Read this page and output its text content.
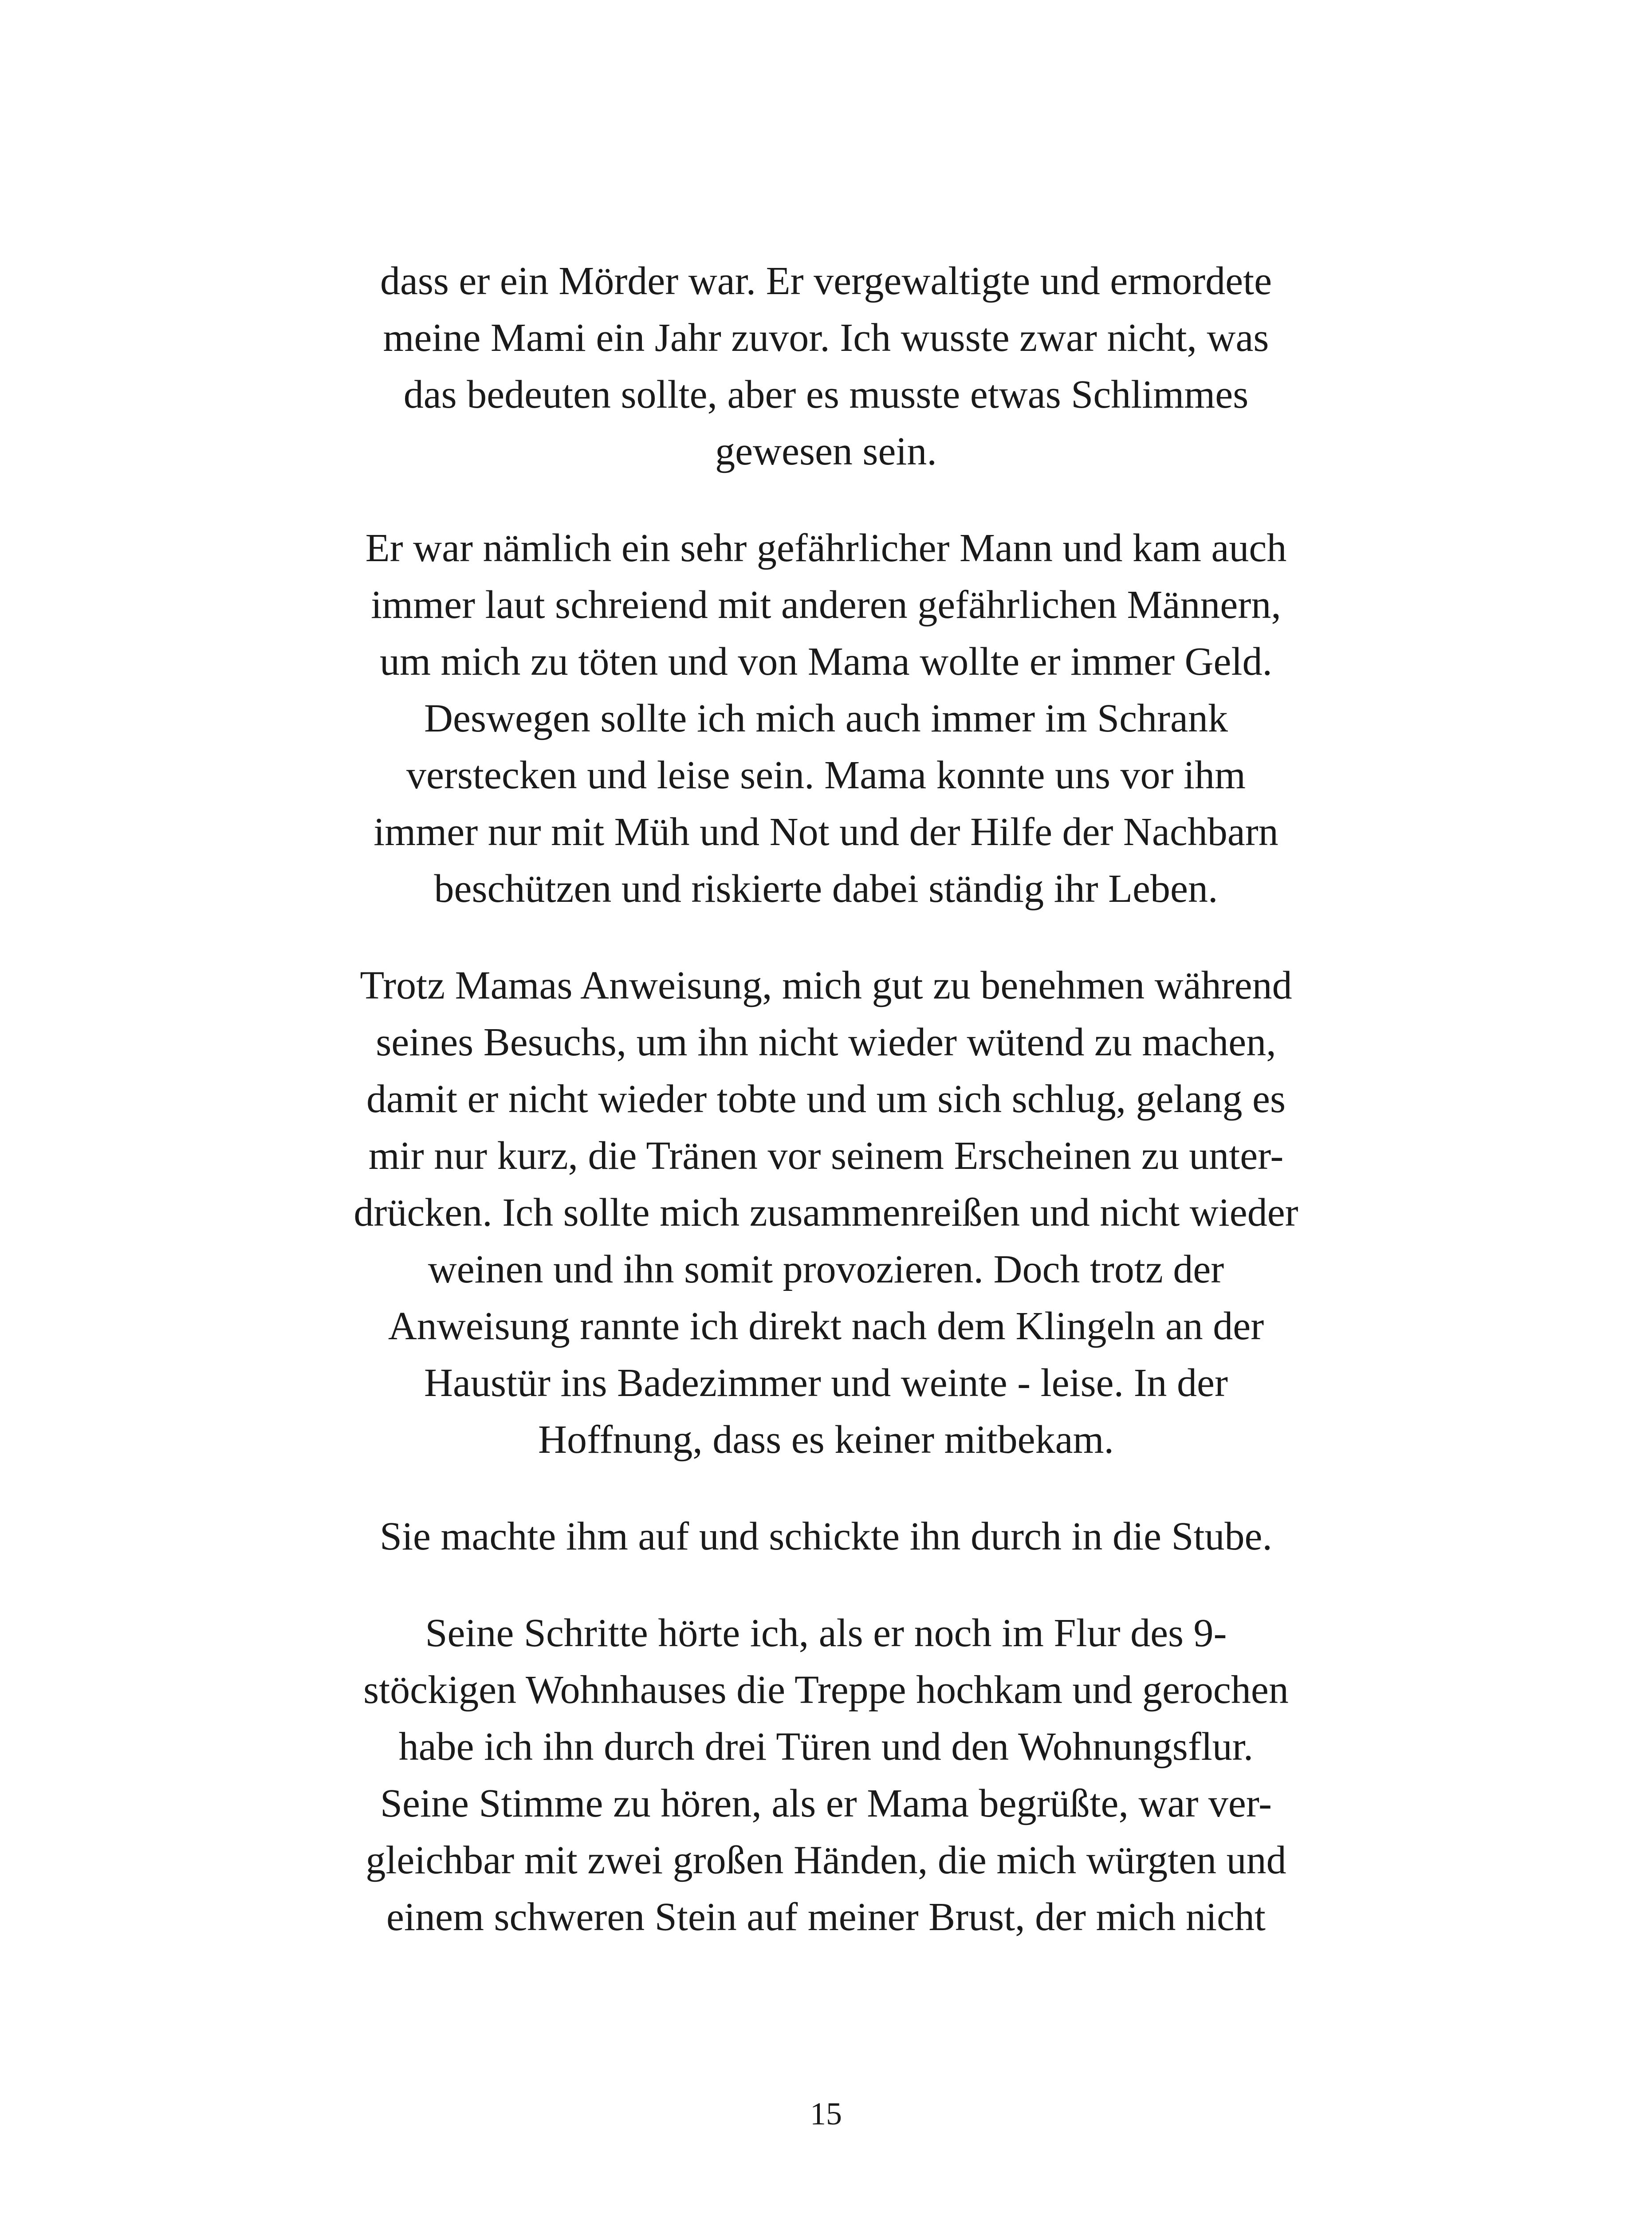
dass er ein Mörder war. Er vergewaltigte und ermordete
meine Mami ein Jahr zuvor. Ich wusste zwar nicht, was
das bedeuten sollte, aber es musste etwas Schlimmes
gewesen sein.

Er war nämlich ein sehr gefährlicher Mann und kam auch
immer laut schreiend mit anderen gefährlichen Männern,
um mich zu töten und von Mama wollte er immer Geld.
Deswegen sollte ich mich auch immer im Schrank
verstecken und leise sein. Mama konnte uns vor ihm
immer nur mit Müh und Not und der Hilfe der Nachbarn
beschützen und riskierte dabei ständig ihr Leben.

Trotz Mamas Anweisung, mich gut zu benehmen während
seines Besuchs, um ihn nicht wieder wütend zu machen,
damit er nicht wieder tobte und um sich schlug, gelang es
mir nur kurz, die Tränen vor seinem Erscheinen zu unter-
drücken. Ich sollte mich zusammenreißen und nicht wieder
weinen und ihn somit provozieren. Doch trotz der
Anweisung rannte ich direkt nach dem Klingeln an der
Haustür ins Badezimmer und weinte - leise. In der
Hoffnung, dass es keiner mitbekam.

Sie machte ihm auf und schickte ihn durch in die Stube.

Seine Schritte hörte ich, als er noch im Flur des 9-
stöckigen Wohnhauses die Treppe hochkam und gerochen
habe ich ihn durch drei Türen und den Wohnungsflur.
Seine Stimme zu hören, als er Mama begrüßte, war ver-
gleichbar mit zwei großen Händen, die mich würgten und
einem schweren Stein auf meiner Brust, der mich nicht

15
